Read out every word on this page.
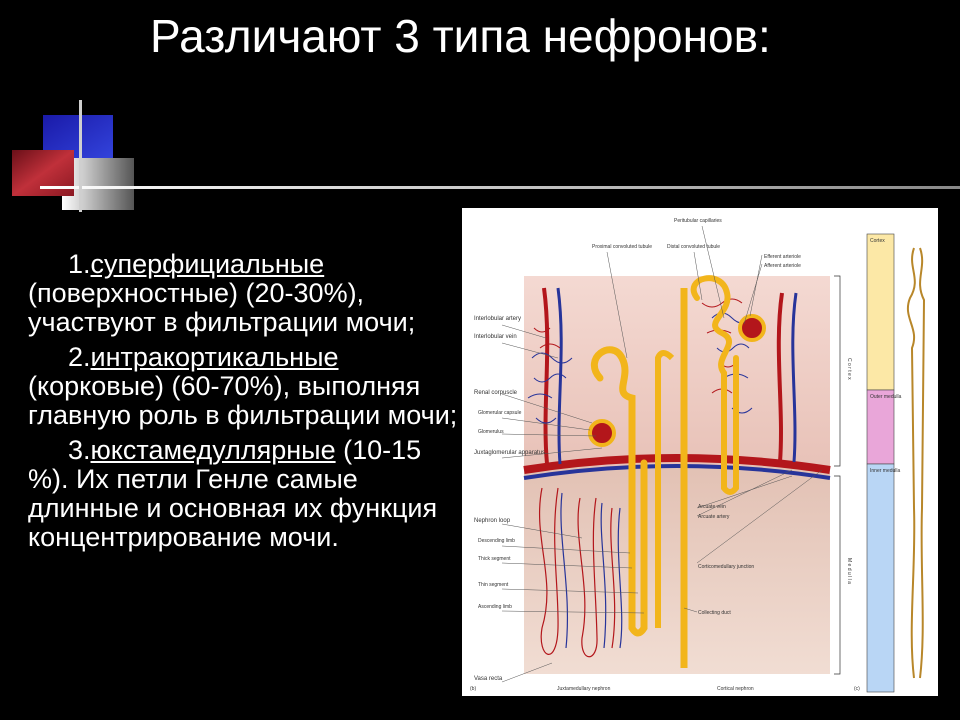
Различают 3 типа нефронов:

1.суперфициальные (поверхностные) (20-30%), участвуют в фильтрации мочи;

2.интракортикальные (корковые) (60-70%), выполняя главную роль в фильтрации мочи;

3.юкстамедуллярные (10-15 %). Их петли Генле самые длинные и основная их функция концентрирование мочи.

Interlobular artery
Interlobular vein
Renal corpuscle
Glomerular capsule
Glomerulus
Juxtaglomerular apparatus
Nephron loop
Descending limb
Thick segment
Thin segment
Ascending limb
Vasa recta
Proximal convoluted tubule	Distal convoluted tubule
Peritubular capillaries
Efferent arteriole
Afferent arteriole
Arcuate vein
Arcuate artery
Corticomedullary junction
Collecting duct
C o r t e x
M e d u l l a
Cortex
Outer medulla
Inner medulla
(b)	Juxtamedullary nephron	Cortical nephron	(c)
